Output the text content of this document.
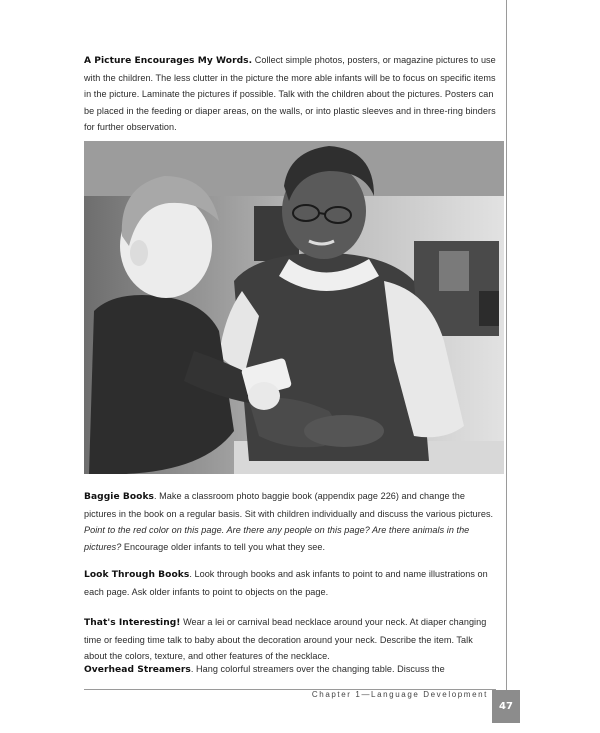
A Picture Encourages My Words. Collect simple photos, posters, or magazine pictures to use with the children. The less clutter in the picture the more able infants will be to focus on specific items in the picture. Laminate the pictures if possible. Talk with the children about the pictures. Posters can be placed in the feeding or diaper areas, on the walls, or into plastic sleeves and in three-ring binders for further observation.
Baggie Books. Make a classroom photo baggie book (appendix page 226) and change the pictures in the book on a regular basis. Sit with children individually and discuss the various pictures. Point to the red color on this page. Are there any people on this page? Are there animals in the pictures? Encourage older infants to tell you what they see.
Look Through Books. Look through books and ask infants to point to and name illustrations on each page. Ask older infants to point to objects on the page.
That's Interesting! Wear a lei or carnival bead necklace around your neck. At diaper changing time or feeding time talk to baby about the decoration around your neck. Describe the item. Talk about the colors, texture, and other features of the necklace.
Overhead Streamers. Hang colorful streamers over the changing table. Discuss the
Chapter 1—Language Development
47
